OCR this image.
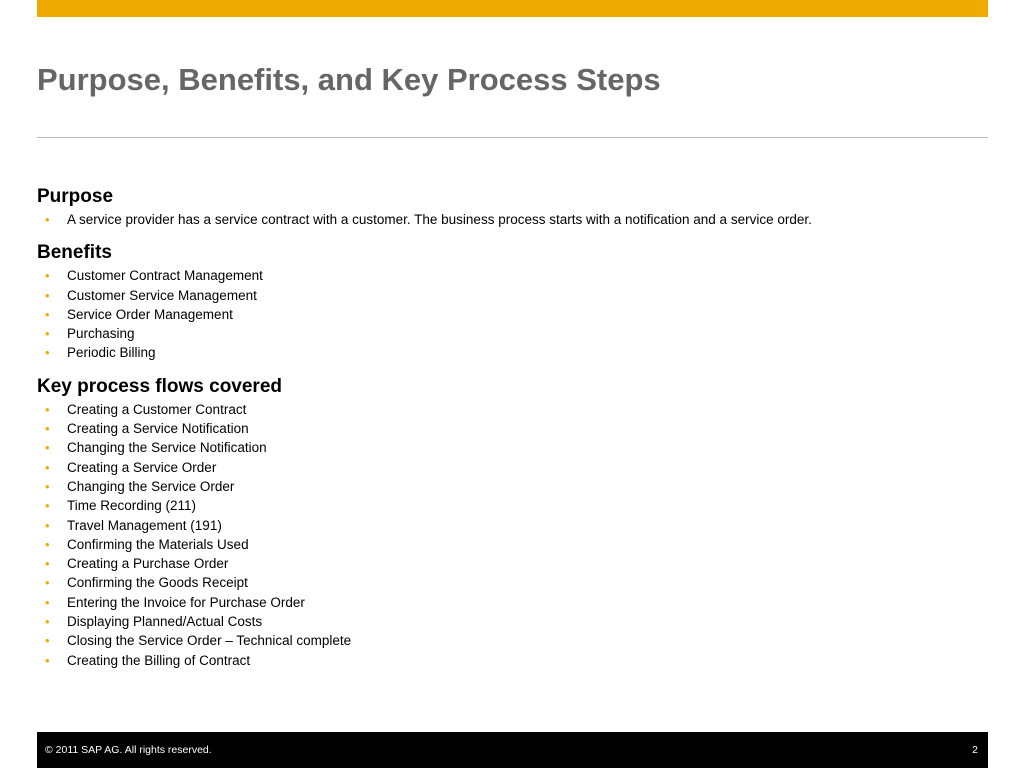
Purpose, Benefits, and Key Process Steps
Purpose
• A service provider has a service contract with a customer. The business process starts with a notification and a service order.
Benefits
• Customer Contract Management
• Customer Service Management
• Service Order Management
• Purchasing
• Periodic Billing
Key process flows covered
• Creating a Customer Contract
• Creating a Service Notification
• Changing the Service Notification
• Creating a Service Order
• Changing the Service Order
• Time Recording (211)
• Travel Management (191)
• Confirming the Materials Used
• Creating a Purchase Order
• Confirming the Goods Receipt
• Entering the Invoice for Purchase Order
• Displaying Planned/Actual Costs
• Closing the Service Order – Technical complete
• Creating the Billing of Contract
© 2011 SAP AG. All rights reserved.	2
